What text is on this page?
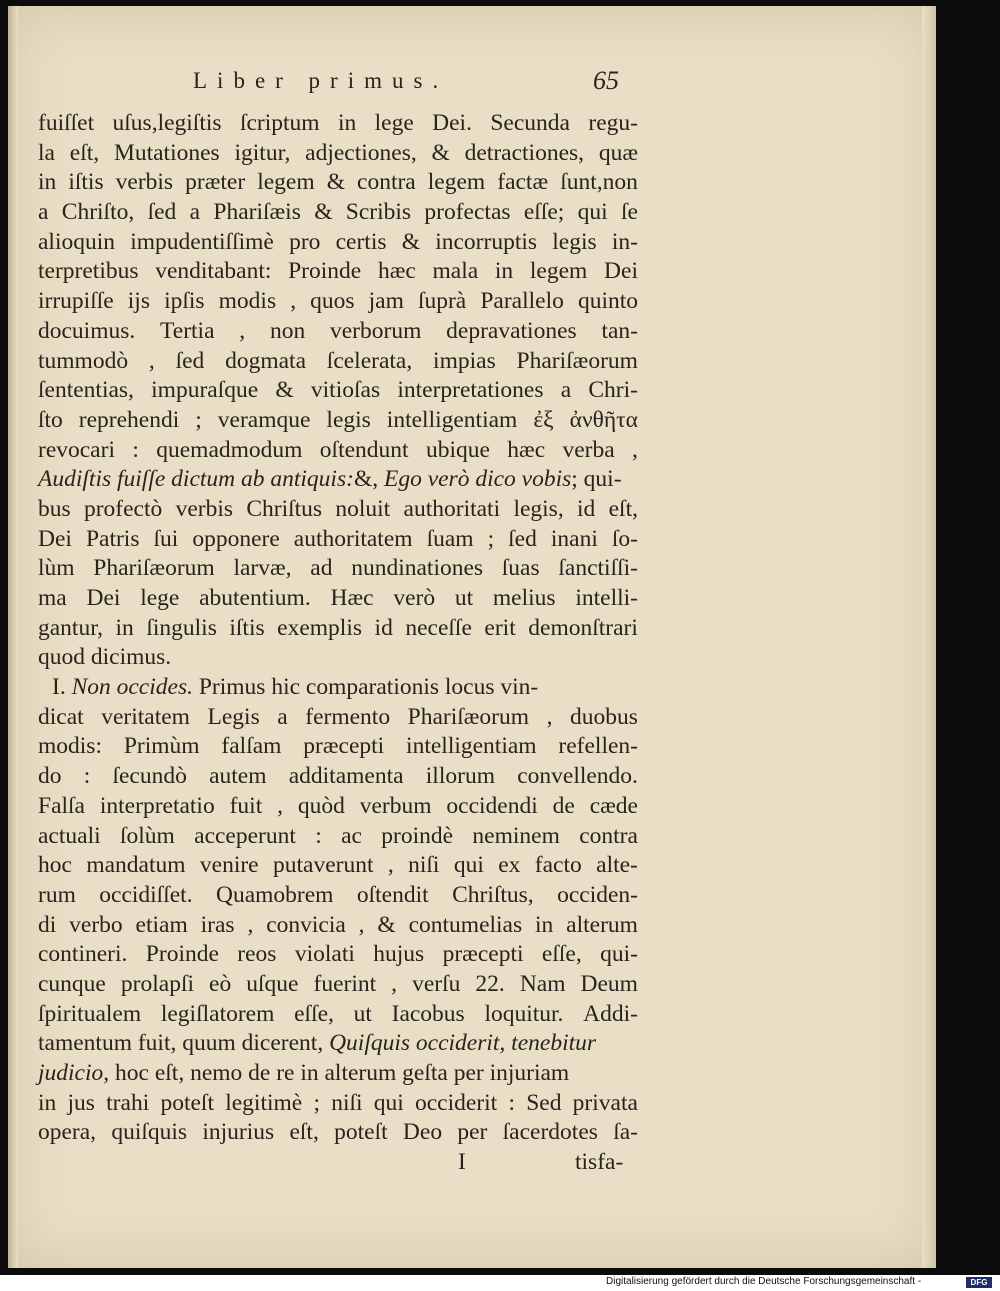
Liber primus.	65
fuiſſet uſus,legiſtis ſcriptum in lege Dei. Secunda regu-
la eſt, Mutationes igitur, adjectiones, & detractiones, quæ
in iſtis verbis præter legem & contra legem factæ ſunt,non
a Chriſto, ſed a Phariſæis & Scribis profectas eſſe; qui ſe
alioquin impudentiſſimè pro certis & incorruptis legis in-
terpretibus venditabant: Proinde hæc mala in legem Dei
irrupiſſe ijs ipſis modis , quos jam ſuprà Parallelo quinto
docuimus. Tertia , non verborum depravationes tan-
tummodò , ſed dogmata ſcelerata, impias Phariſæorum
ſententias, impuraſque & vitioſas interpretationes a Chri-
ſto reprehendi ; veramque legis intelligentiam ἐξ ἀνθῆτα
revocari : quemadmodum oſtendunt ubique hæc verba ,
Audiſtis fuiſſe dictum ab antiquis:&, Ego verò dico vobis; qui-
bus profectò verbis Chriſtus noluit authoritati legis, id eſt,
Dei Patris ſui opponere authoritatem ſuam ; ſed inani ſo-
lùm Phariſæorum larvæ, ad nundinationes ſuas ſanctiſſi-
ma Dei lege abutentium. Hæc verò ut melius intelli-
gantur, in ſingulis iſtis exemplis id neceſſe erit demonſtrari
quod dicimus.
I. Non occides. Primus hic comparationis locus vin-
dicat veritatem Legis a fermento Phariſæorum , duobus
modis: Primùm falſam præcepti intelligentiam refellen-
do : ſecundò autem additamenta illorum convellendo.
Falſa interpretatio fuit , quòd verbum occidendi de cæde
actuali ſolùm acceperunt : ac proindè neminem contra
hoc mandatum venire putaverunt , niſi qui ex facto alte-
rum occidiſſet. Quamobrem oſtendit Chriſtus, occiden-
di verbo etiam iras , convicia , & contumelias in alterum
contineri. Proinde reos violati hujus præcepti eſſe, qui-
cunque prolapſi eò uſque fuerint , verſu 22. Nam Deum
ſpiritualem legiſlatorem eſſe, ut Iacobus loquitur. Addi-
tamentum fuit, quum dicerent, Quiſquis occiderit, tenebitur
judicio, hoc eſt, nemo de re in alterum geſta per injuriam
in jus trahi poteſt legitimè ; niſi qui occiderit : Sed privata
opera, quiſquis injurius eſt, poteſt Deo per ſacerdotes ſa-
I	tisfa-
Digitalisierung gefördert durch die Deutsche Forschungsgemeinschaft -	DFG
